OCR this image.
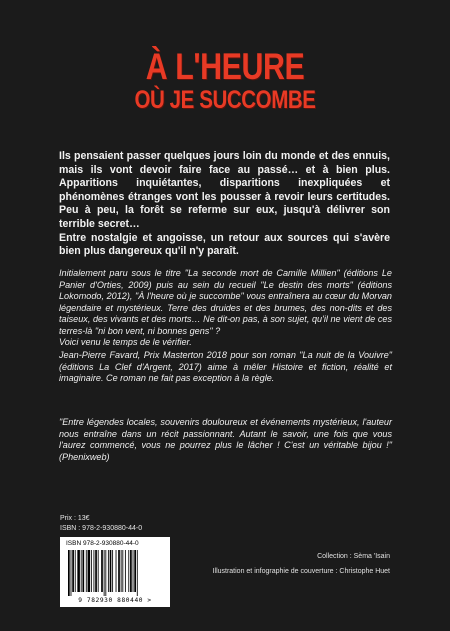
À L'HEURE
OÙ JE SUCCOMBE

Ils pensaient passer quelques jours loin du monde et des ennuis, mais ils vont devoir faire face au passé… et à bien plus. Apparitions inquiétantes, disparitions inexpliquées et phénomènes étranges vont les pousser à revoir leurs certitudes. Peu à peu, la forêt se referme sur eux, jusqu'à délivrer son terrible secret…

Entre nostalgie et angoisse, un retour aux sources qui s'avère bien plus dangereux qu'il n'y paraît.

Initialement paru sous le titre "La seconde mort de Camille Millien" (éditions Le Panier d'Orties, 2009) puis au sein du recueil "Le destin des morts" (éditions Lokomodo, 2012), "À l'heure où je succombe" vous entraînera au cœur du Morvan légendaire et mystérieux. Terre des druides et des brumes, des non-dits et des taiseux, des vivants et des morts… Ne dit-on pas, à son sujet, qu'il ne vient de ces terres-là "ni bon vent, ni bonnes gens" ?

Voici venu le temps de le vérifier.

Jean-Pierre Favard, Prix Masterton 2018 pour son roman "La nuit de la Vouivre" (éditions La Clef d'Argent, 2017) aime à mêler Histoire et fiction, réalité et imaginaire. Ce roman ne fait pas exception à la règle.

"Entre légendes locales, souvenirs douloureux et événements mystérieux, l'auteur nous entraîne dans un récit passionnant. Autant le savoir, une fois que vous l'aurez commencé, vous ne pourrez plus le lâcher ! C'est un véritable bijou !" (Phenixweb)

Prix : 13€
ISBN : 978-2-930880-44-0
ISBN 978-2-930880-44-0
9 782930 880440 >
Collection : Sèma 'Isain
Illustration et infographie de couverture : Christophe Huet
